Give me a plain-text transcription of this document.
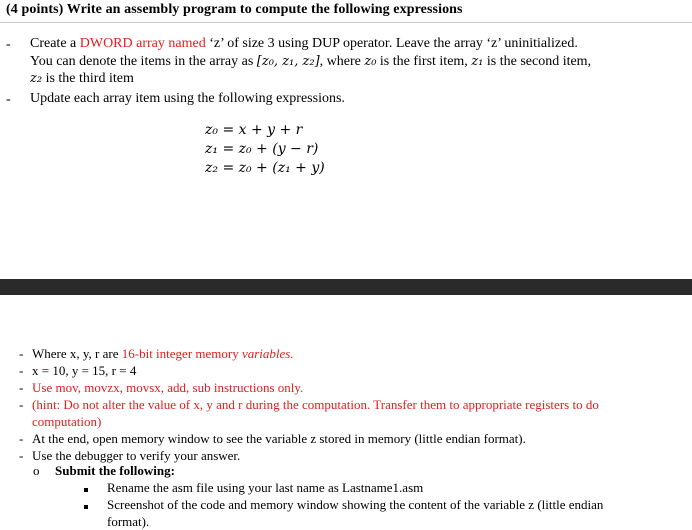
(4 points) Write an assembly program to compute the following expressions
- Create a DWORD array named ‘z’ of size 3 using DUP operator. Leave the array ‘z’ uninitialized.
You can denote the items in the array as [z₀, z₁, z₂], where z₀ is the first item, z₁ is the second item,
z₂ is the third item
- Update each array item using the following expressions.
z₀ = x + y + r
z₁ = z₀ + (y − r)
z₂ = z₀ + (z₁ + y)
- Where x, y, r are 16-bit integer memory variables.
- x = 10, y = 15, r = 4
- Use mov, movzx, movsx, add, sub instructions only.
- (hint: Do not alter the value of x, y and r during the computation. Transfer them to appropriate registers to do
computation)
- At the end, open memory window to see the variable z stored in memory (little endian format).
- Use the debugger to verify your answer.
o Submit the following:
Rename the asm file using your last name as Lastname1.asm
Screenshot of the code and memory window showing the content of the variable z (little endian
format).
